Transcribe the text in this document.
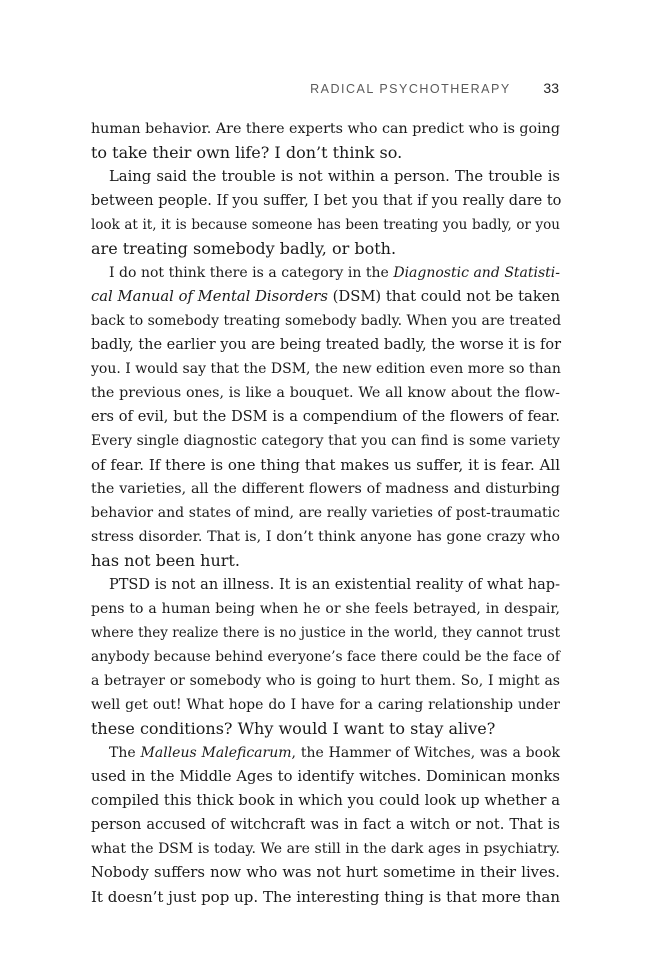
RADICAL PSYCHOTHERAPY 33
human behavior. Are there experts who can predict who is going
to take their own life? I don’t think so.
Laing said the trouble is not within a person. The trouble is
between people. If you suffer, I bet you that if you really dare to
look at it, it is because someone has been treating you badly, or you
are treating somebody badly, or both.
I do not think there is a category in the Diagnostic and Statisti-
cal Manual of Mental Disorders (DSM) that could not be taken
back to somebody treating somebody badly. When you are treated
badly, the earlier you are being treated badly, the worse it is for
you. I would say that the DSM, the new edition even more so than
the previous ones, is like a bouquet. We all know about the flow-
ers of evil, but the DSM is a compendium of the flowers of fear.
Every single diagnostic category that you can find is some variety
of fear. If there is one thing that makes us suffer, it is fear. All
the varieties, all the different flowers of madness and disturbing
behavior and states of mind, are really varieties of post-traumatic
stress disorder. That is, I don’t think anyone has gone crazy who
has not been hurt.
PTSD is not an illness. It is an existential reality of what hap-
pens to a human being when he or she feels betrayed, in despair,
where they realize there is no justice in the world, they cannot trust
anybody because behind everyone’s face there could be the face of
a betrayer or somebody who is going to hurt them. So, I might as
well get out! What hope do I have for a caring relationship under
these conditions? Why would I want to stay alive?
The Malleus Maleficarum, the Hammer of Witches, was a book
used in the Middle Ages to identify witches. Dominican monks
compiled this thick book in which you could look up whether a
person accused of witchcraft was in fact a witch or not. That is
what the DSM is today. We are still in the dark ages in psychiatry.
Nobody suffers now who was not hurt sometime in their lives.
It doesn’t just pop up. The interesting thing is that more than
